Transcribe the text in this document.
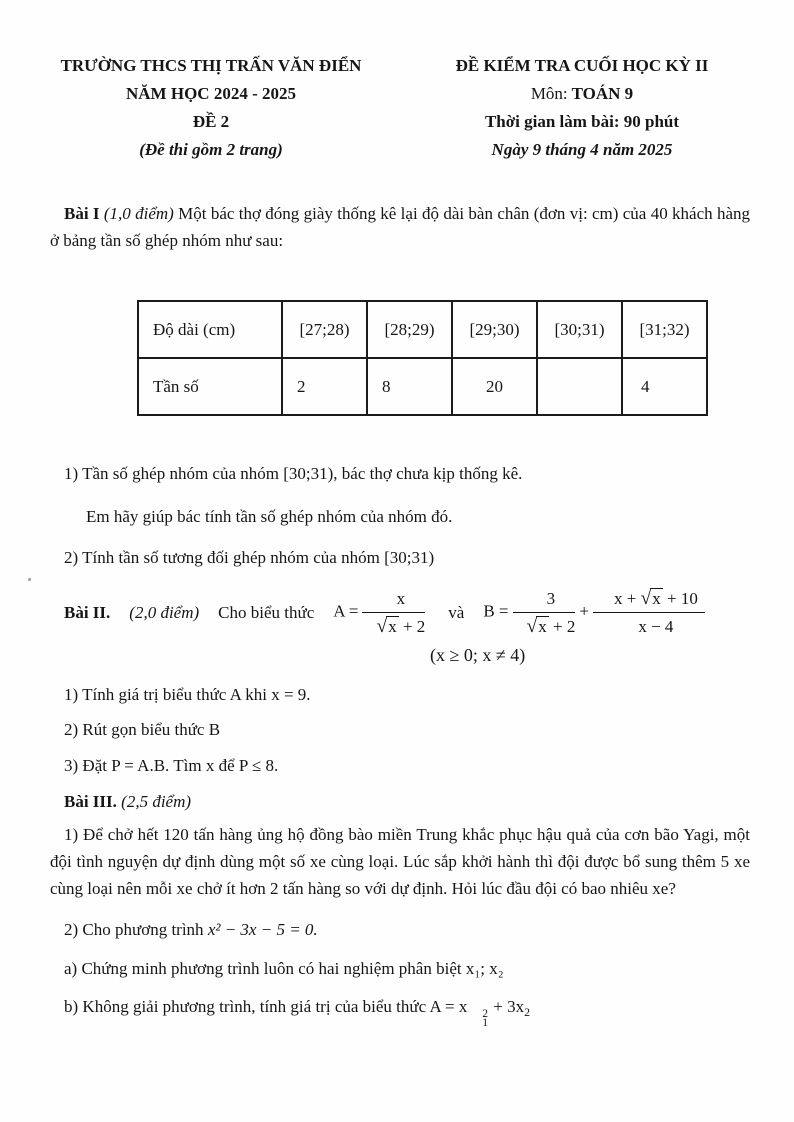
TRƯỜNG THCS THỊ TRẤN VĂN ĐIỂN
NĂM HỌC 2024 - 2025
ĐỀ 2
(Đề thi gồm 2 trang)
ĐỀ KIỂM TRA CUỐI HỌC KỲ II
Môn: TOÁN 9
Thời gian làm bài: 90 phút
Ngày 9 tháng 4 năm 2025

Bài I (1,0 điểm) Một bác thợ đóng giày thống kê lại độ dài bàn chân (đơn vị: cm) của 40 khách hàng ở bảng tần số ghép nhóm như sau:

Độ dài (cm)	[27;28)	[28;29)	[29;30)	[30;31)	[31;32)
Tần số	2	8	20		4

1) Tần số ghép nhóm của nhóm [30;31), bác thợ chưa kịp thống kê.

Em hãy giúp bác tính tần số ghép nhóm của nhóm đó.

2) Tính tần số tương đối ghép nhóm của nhóm [30;31)

Bài II.	(2,0 điểm)	Cho biểu thức	$A = \frac{x}{√ x + 2}$	và	$B = \frac{3}{√ x + 2} + \frac{x + √ x + 10}{x - 4}$

(x ≥ 0; x ≠ 4)

1) Tính giá trị biểu thức A khi x = 9.

2) Rút gọn biểu thức B

3) Đặt P = A.B. Tìm x để P ≤ 8.

Bài III. (2,5 điểm)

1) Để chở hết 120 tấn hàng ủng hộ đồng bào miền Trung khắc phục hậu quả của cơn bão Yagi, một đội tình nguyện dự định dùng một số xe cùng loại. Lúc sắp khởi hành thì đội được bổ sung thêm 5 xe cùng loại nên mỗi xe chở ít hơn 2 tấn hàng so với dự định. Hỏi lúc đầu đội có bao nhiêu xe?

2) Cho phương trình x² − 3x − 5 = 0.

a) Chứng minh phương trình luôn có hai nghiệm phân biệt x₁; x₂

b) Không giải phương trình, tính giá trị của biểu thức A = x	2
1
+ $3x_2$
